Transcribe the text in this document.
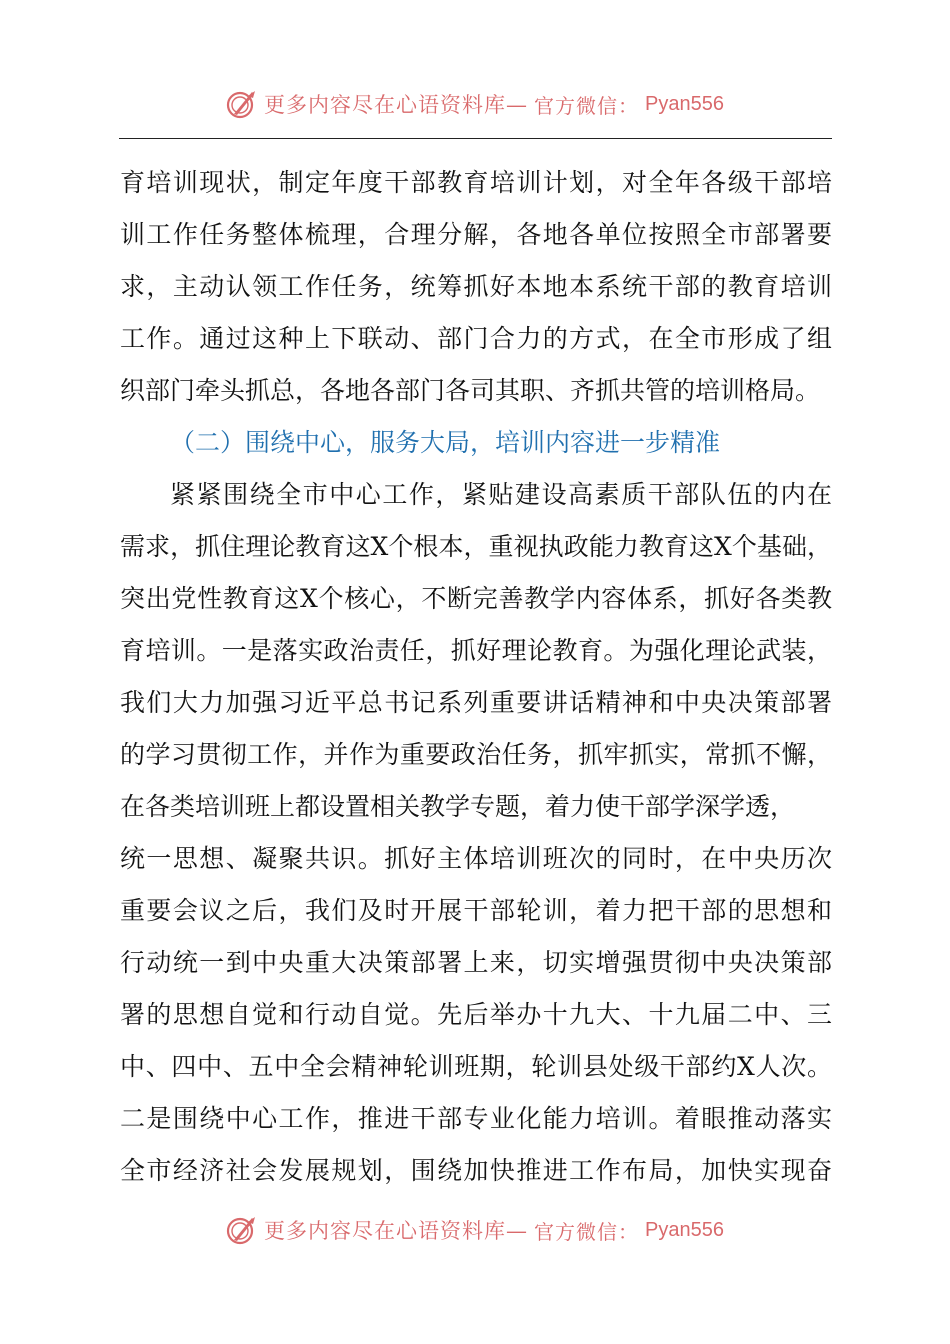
更多内容尽在心语资料库— 官方微信： Pyan556
育培训现状，制定年度干部教育培训计划，对全年各级干部培
训工作任务整体梳理，合理分解，各地各单位按照全市部署要
求，主动认领工作任务，统筹抓好本地本系统干部的教育培训
工作。通过这种上下联动、部门合力的方式，在全市形成了组
织部门牵头抓总，各地各部门各司其职、齐抓共管的培训格局。
（二）围绕中心，服务大局，培训内容进一步精准
紧紧围绕全市中心工作，紧贴建设高素质干部队伍的内在
需求，抓住理论教育这X个根本，重视执政能力教育这X个基础，
突出党性教育这X个核心，不断完善教学内容体系，抓好各类教
育培训。一是落实政治责任，抓好理论教育。为强化理论武装，
我们大力加强习近平总书记系列重要讲话精神和中央决策部署
的学习贯彻工作，并作为重要政治任务，抓牢抓实，常抓不懈，
在各类培训班上都设置相关教学专题，着力使干部学深学透，
统一思想、凝聚共识。抓好主体培训班次的同时，在中央历次
重要会议之后，我们及时开展干部轮训，着力把干部的思想和
行动统一到中央重大决策部署上来，切实增强贯彻中央决策部
署的思想自觉和行动自觉。先后举办十九大、十九届二中、三
中、四中、五中全会精神轮训班期，轮训县处级干部约X人次。
二是围绕中心工作，推进干部专业化能力培训。着眼推动落实
全市经济社会发展规划，围绕加快推进工作布局，加快实现奋
更多内容尽在心语资料库— 官方微信： Pyan556
